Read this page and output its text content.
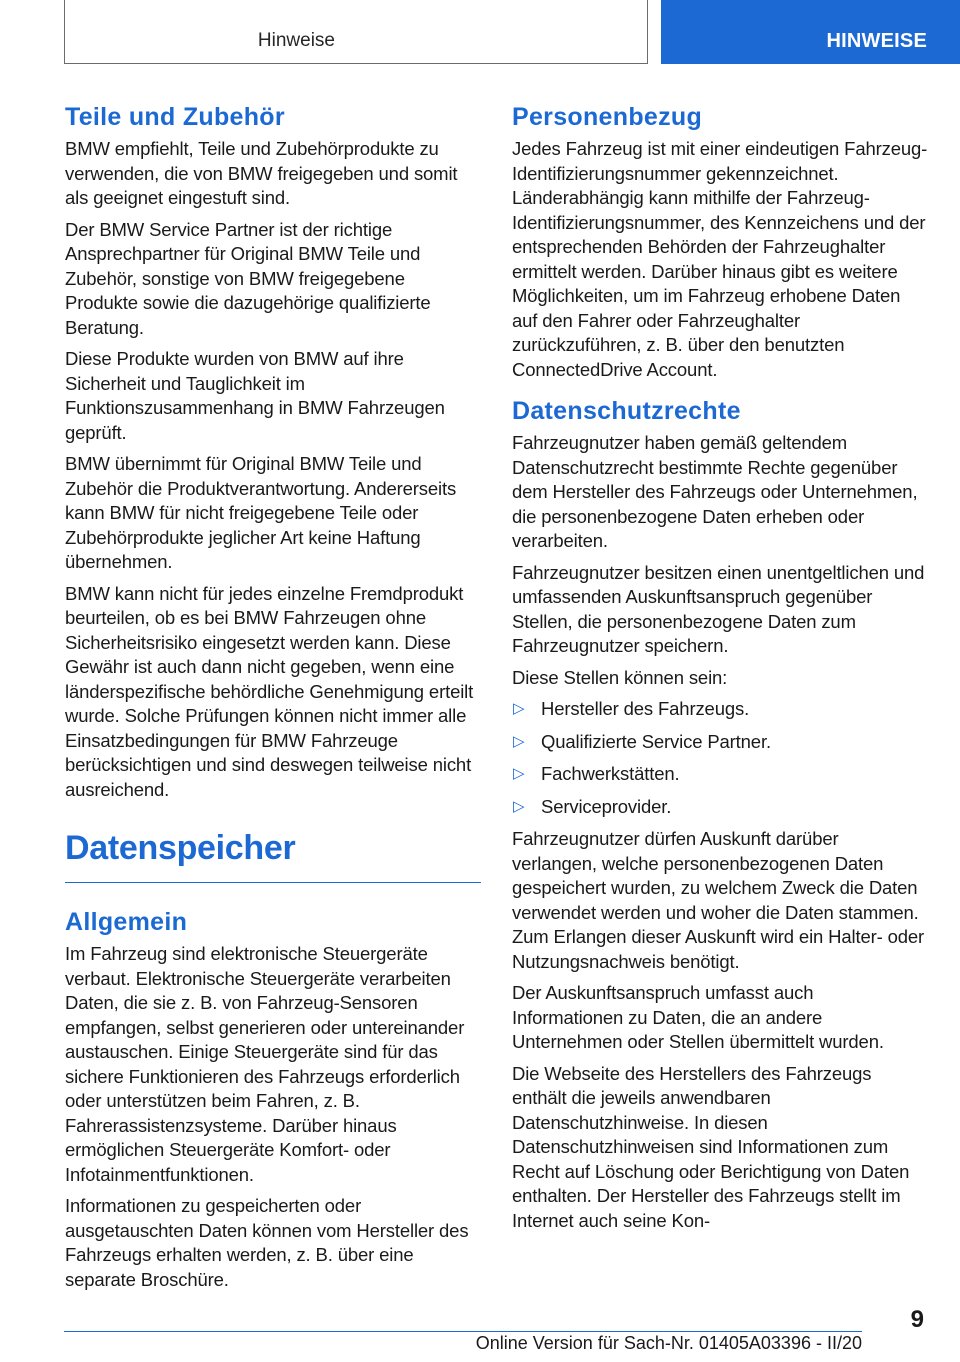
Hinweise	HINWEISE
Teile und Zubehör

BMW empfiehlt, Teile und Zubehörprodukte zu verwenden, die von BMW freigegeben und somit als geeignet eingestuft sind.

Der BMW Service Partner ist der richtige Ansprechpartner für Original BMW Teile und Zubehör, sonstige von BMW freigegebene Produkte sowie die dazugehörige qualifizierte Beratung.

Diese Produkte wurden von BMW auf ihre Sicherheit und Tauglichkeit im Funktionszusammenhang in BMW Fahrzeugen geprüft.

BMW übernimmt für Original BMW Teile und Zubehör die Produktverantwortung. Andererseits kann BMW für nicht freigegebene Teile oder Zubehörprodukte jeglicher Art keine Haftung übernehmen.

BMW kann nicht für jedes einzelne Fremdprodukt beurteilen, ob es bei BMW Fahrzeugen ohne Sicherheitsrisiko eingesetzt werden kann. Diese Gewähr ist auch dann nicht gegeben, wenn eine länderspezifische behördliche Genehmigung erteilt wurde. Solche Prüfungen können nicht immer alle Einsatzbedingungen für BMW Fahrzeuge berücksichtigen und sind deswegen teilweise nicht ausreichend.

Datenspeicher
Allgemein

Im Fahrzeug sind elektronische Steuergeräte verbaut. Elektronische Steuergeräte verarbeiten Daten, die sie z. B. von Fahrzeug-Sensoren empfangen, selbst generieren oder untereinander austauschen. Einige Steuergeräte sind für das sichere Funktionieren des Fahrzeugs erforderlich oder unterstützen beim Fahren, z. B. Fahrerassistenzsysteme. Darüber hinaus ermöglichen Steuergeräte Komfort- oder Infotainmentfunktionen.

Informationen zu gespeicherten oder ausgetauschten Daten können vom Hersteller des Fahrzeugs erhalten werden, z. B. über eine separate Broschüre.

Personenbezug

Jedes Fahrzeug ist mit einer eindeutigen Fahrzeug-Identifizierungsnummer gekennzeichnet. Länderabhängig kann mithilfe der Fahrzeug-Identifizierungsnummer, des Kennzeichens und der entsprechenden Behörden der Fahrzeughalter ermittelt werden. Darüber hinaus gibt es weitere Möglichkeiten, um im Fahrzeug erhobene Daten auf den Fahrer oder Fahrzeughalter zurückzuführen, z. B. über den benutzten ConnectedDrive Account.

Datenschutzrechte

Fahrzeugnutzer haben gemäß geltendem Datenschutzrecht bestimmte Rechte gegenüber dem Hersteller des Fahrzeugs oder Unternehmen, die personenbezogene Daten erheben oder verarbeiten.

Fahrzeugnutzer besitzen einen unentgeltlichen und umfassenden Auskunftsanspruch gegenüber Stellen, die personenbezogene Daten zum Fahrzeugnutzer speichern.

Diese Stellen können sein:

▷ Hersteller des Fahrzeugs.
▷ Qualifizierte Service Partner.
▷ Fachwerkstätten.
▷ Serviceprovider.

Fahrzeugnutzer dürfen Auskunft darüber verlangen, welche personenbezogenen Daten gespeichert wurden, zu welchem Zweck die Daten verwendet werden und woher die Daten stammen. Zum Erlangen dieser Auskunft wird ein Halter- oder Nutzungsnachweis benötigt.

Der Auskunftsanspruch umfasst auch Informationen zu Daten, die an andere Unternehmen oder Stellen übermittelt wurden.

Die Webseite des Herstellers des Fahrzeugs enthält die jeweils anwendbaren Datenschutzhinweise. In diesen Datenschutzhinweisen sind Informationen zum Recht auf Löschung oder Berichtigung von Daten enthalten. Der Hersteller des Fahrzeugs stellt im Internet auch seine Kon-

9
Online Version für Sach-Nr. 01405A03396 - II/20
